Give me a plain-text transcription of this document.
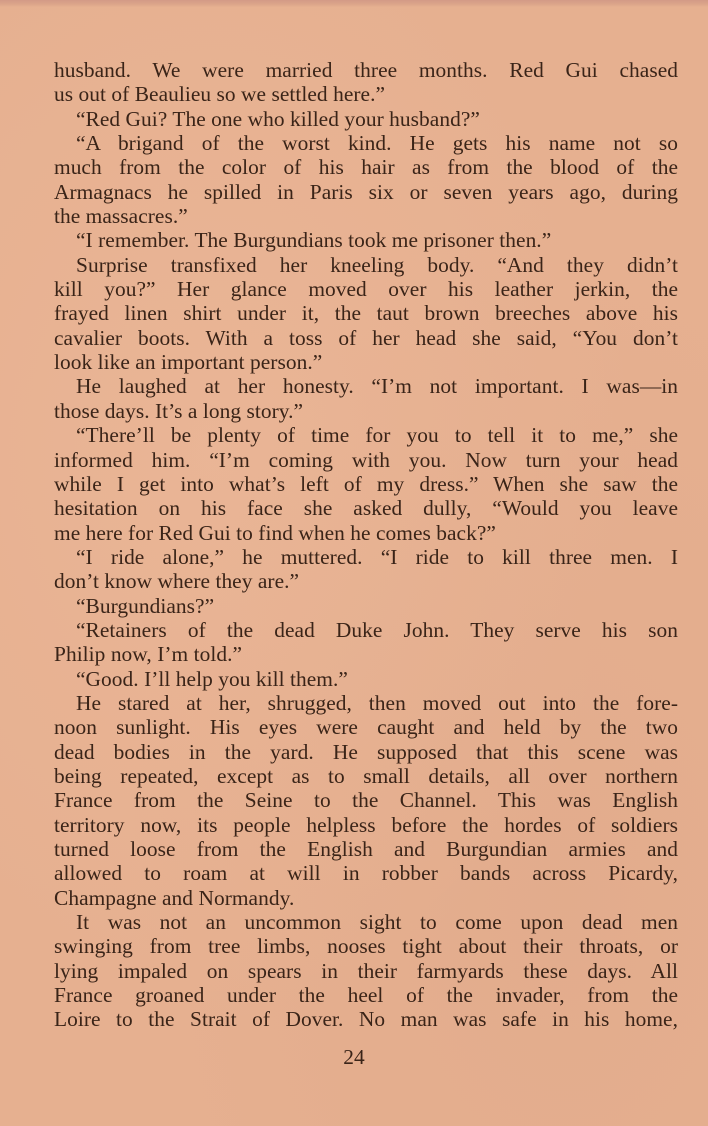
husband. We were married three months. Red Gui chased
us out of Beaulieu so we settled here.”
“Red Gui? The one who killed your husband?”
“A brigand of the worst kind. He gets his name not so
much from the color of his hair as from the blood of the
Armagnacs he spilled in Paris six or seven years ago, during
the massacres.”
“I remember. The Burgundians took me prisoner then.”
Surprise transfixed her kneeling body. “And they didn’t
kill you?” Her glance moved over his leather jerkin, the
frayed linen shirt under it, the taut brown breeches above his
cavalier boots. With a toss of her head she said, “You don’t
look like an important person.”
He laughed at her honesty. “I’m not important. I was—in
those days. It’s a long story.”
“There’ll be plenty of time for you to tell it to me,” she
informed him. “I’m coming with you. Now turn your head
while I get into what’s left of my dress.” When she saw the
hesitation on his face she asked dully, “Would you leave
me here for Red Gui to find when he comes back?”
“I ride alone,” he muttered. “I ride to kill three men. I
don’t know where they are.”
“Burgundians?”
“Retainers of the dead Duke John. They serve his son
Philip now, I’m told.”
“Good. I’ll help you kill them.”
He stared at her, shrugged, then moved out into the fore-
noon sunlight. His eyes were caught and held by the two
dead bodies in the yard. He supposed that this scene was
being repeated, except as to small details, all over northern
France from the Seine to the Channel. This was English
territory now, its people helpless before the hordes of soldiers
turned loose from the English and Burgundian armies and
allowed to roam at will in robber bands across Picardy,
Champagne and Normandy.
It was not an uncommon sight to come upon dead men
swinging from tree limbs, nooses tight about their throats, or
lying impaled on spears in their farmyards these days. All
France groaned under the heel of the invader, from the
Loire to the Strait of Dover. No man was safe in his home,
24
